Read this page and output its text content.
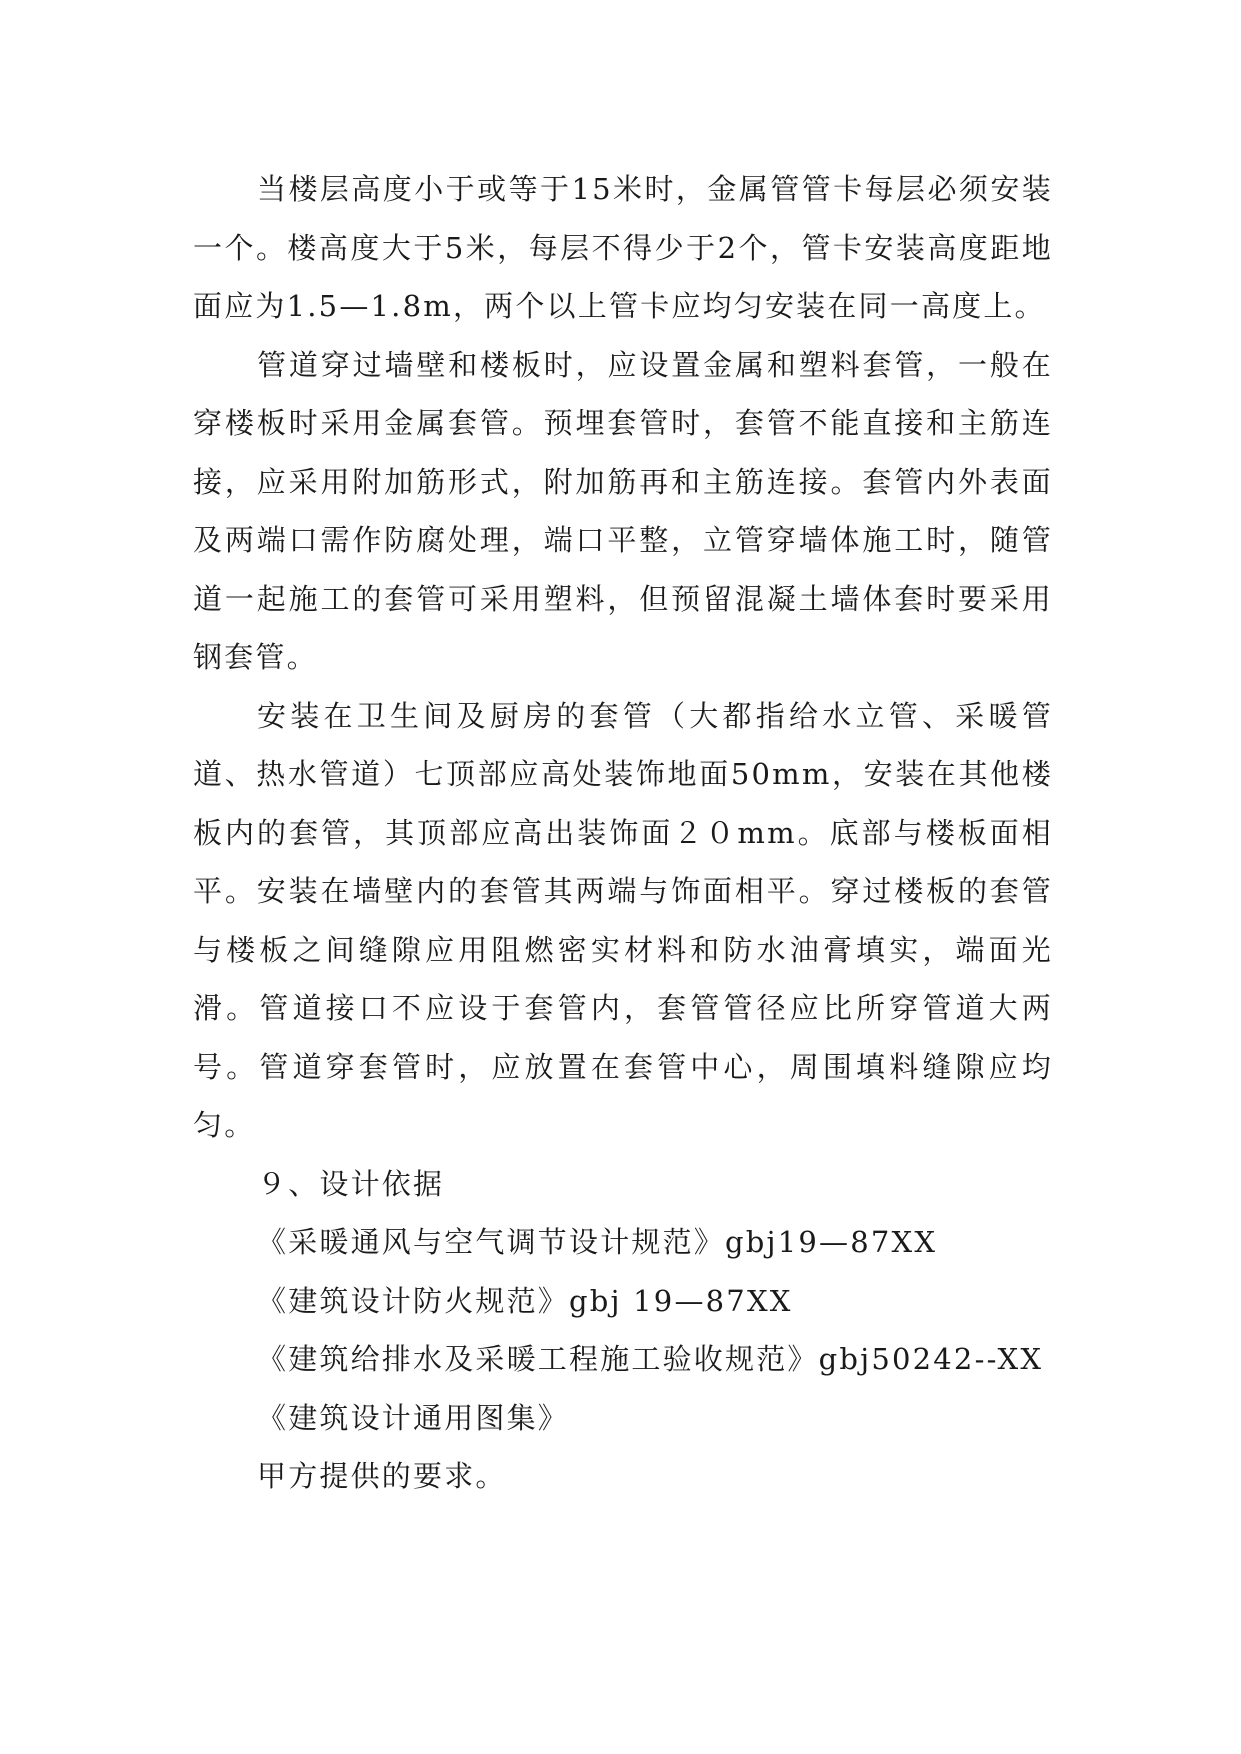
当楼层高度小于或等于15米时，金属管管卡每层必须安装一个。楼高度大于5米，每层不得少于2个，管卡安装高度距地面应为1.5—1.8m，两个以上管卡应均匀安装在同一高度上。

管道穿过墙壁和楼板时，应设置金属和塑料套管，一般在穿楼板时采用金属套管。预埋套管时，套管不能直接和主筋连接，应采用附加筋形式，附加筋再和主筋连接。套管内外表面及两端口需作防腐处理，端口平整，立管穿墙体施工时，随管道一起施工的套管可采用塑料，但预留混凝土墙体套时要采用钢套管。

安装在卫生间及厨房的套管（大都指给水立管、采暖管道、热水管道）七顶部应高处装饰地面50mm，安装在其他楼板内的套管，其顶部应高出装饰面２０mm。底部与楼板面相平。安装在墙壁内的套管其两端与饰面相平。穿过楼板的套管与楼板之间缝隙应用阻燃密实材料和防水油膏填实，端面光滑。管道接口不应设于套管内，套管管径应比所穿管道大两号。管道穿套管时，应放置在套管中心，周围填料缝隙应均匀。

９、设计依据

《采暖通风与空气调节设计规范》gbj19—87XX

《建筑设计防火规范》gbj 19—87XX

《建筑给排水及采暖工程施工验收规范》gbj50242--XX

《建筑设计通用图集》

甲方提供的要求。
